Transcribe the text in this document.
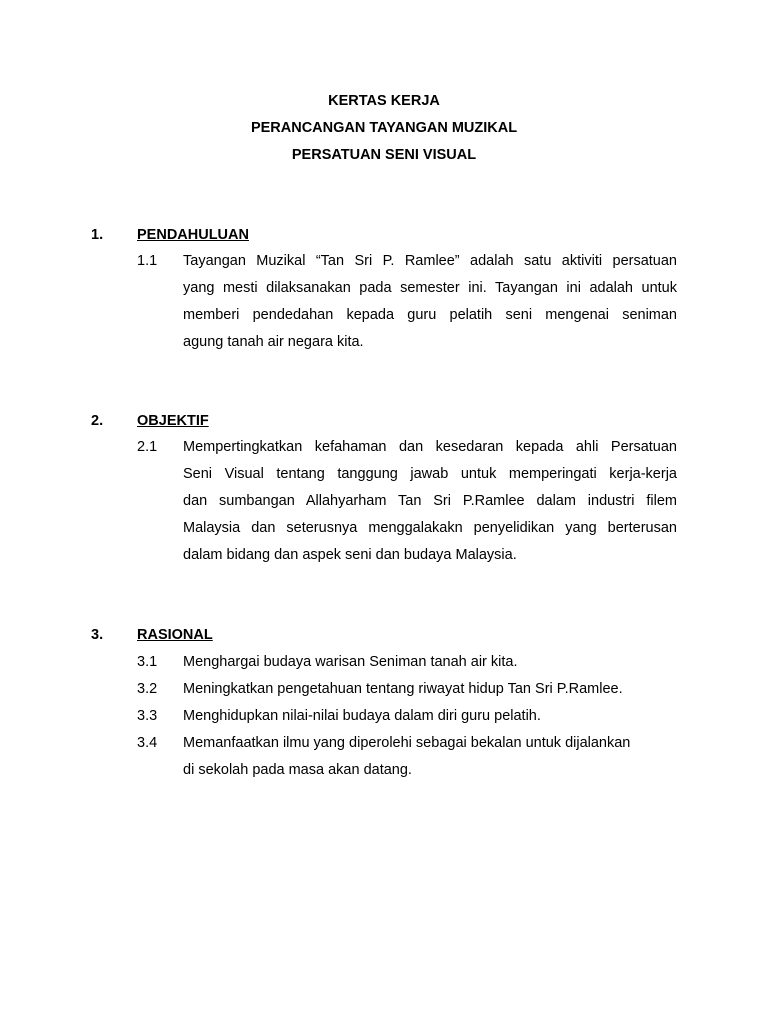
KERTAS KERJA
PERANCANGAN TAYANGAN MUZIKAL
PERSATUAN SENI VISUAL
1. PENDAHULUAN
1.1 Tayangan Muzikal “Tan Sri P. Ramlee” adalah satu aktiviti persatuan
yang mesti dilaksanakan pada semester ini. Tayangan ini adalah untuk
memberi pendedahan kepada guru pelatih seni mengenai seniman
agung tanah air negara kita.
2. OBJEKTIF
2.1 Mempertingkatkan kefahaman dan kesedaran kepada ahli Persatuan
Seni Visual tentang tanggung jawab untuk memperingati kerja-kerja
dan sumbangan Allahyarham Tan Sri P.Ramlee dalam industri filem
Malaysia dan seterusnya menggalakakn penyelidikan yang berterusan
dalam bidang dan aspek seni dan budaya Malaysia.
3. RASIONAL
3.1 Menghargai budaya warisan Seniman tanah air kita.
3.2 Meningkatkan pengetahuan tentang riwayat hidup Tan Sri P.Ramlee.
3.3 Menghidupkan nilai-nilai budaya dalam diri guru pelatih.
3.4 Memanfaatkan ilmu yang diperolehi sebagai bekalan untuk dijalankan
di sekolah pada masa akan datang.
